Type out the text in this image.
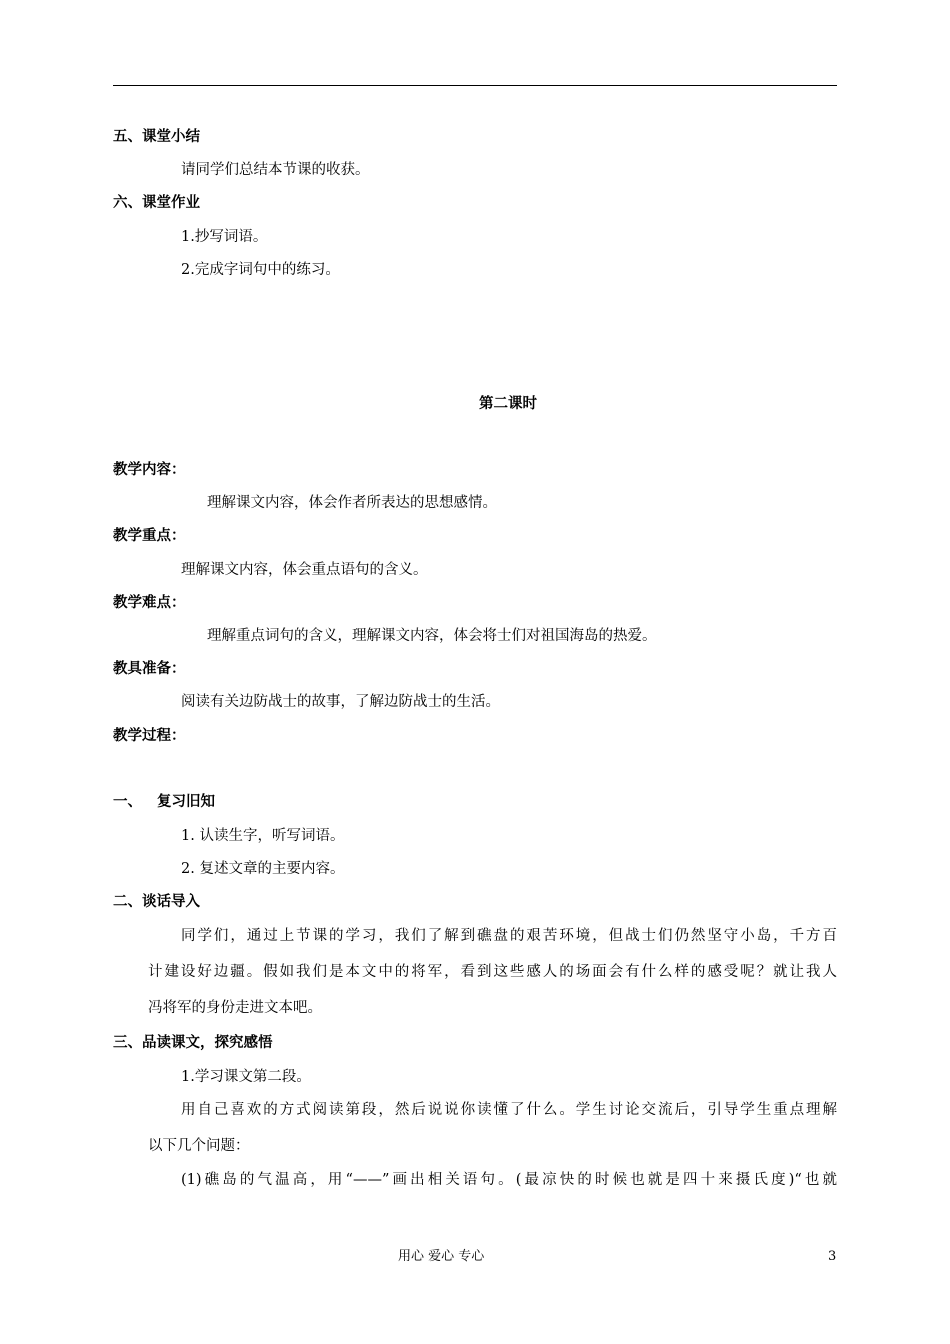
五、课堂小结
请同学们总结本节课的收获。
六、课堂作业
1.抄写词语。
2.完成字词句中的练习。
第二课时
教学内容：
理解课文内容，体会作者所表达的思想感情。
教学重点：
理解课文内容，体会重点语句的含义。
教学难点：
理解重点词句的含义，理解课文内容，体会将士们对祖国海岛的热爱。
教具准备：
阅读有关边防战士的故事，了解边防战士的生活。
教学过程：
一、 复习旧知
1. 认读生字，听写词语。
2. 复述文章的主要内容。
二、谈话导入
同学们，通过上节课的学习，我们了解到礁盘的艰苦环境，但战士们仍然坚守小岛，千方百
计建设好边疆。假如我们是本文中的将军，看到这些感人的场面会有什么样的感受呢？就让我人
冯将军的身份走进文本吧。
三、品读课文，探究感悟
1.学习课文第二段。
用自己喜欢的方式阅读第段，然后说说你读懂了什么。学生讨论交流后，引导学生重点理解
以下几个问题：
(1)礁岛的气温高，用“——”画出相关语句。(最凉快的时候也就是四十来摄氏度)“也就
用心 爱心 专心	3
